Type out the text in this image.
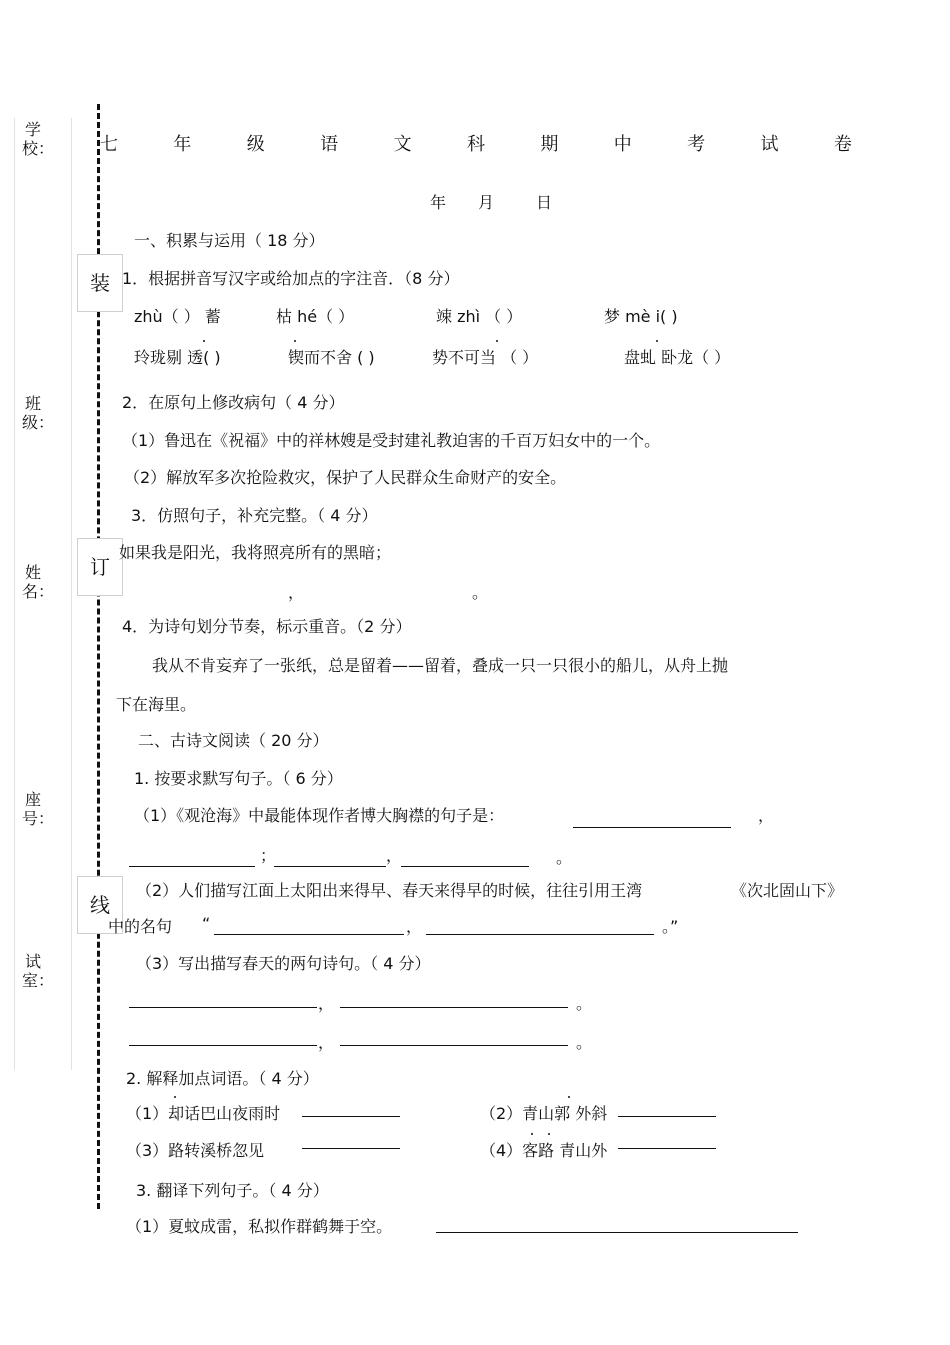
学校：
班级：
姓名：
座号：
试室：
装
订
线
七	年	级	语	文	科	期	中	考	试	卷
年 月	日
一、积累与运用（ 18 分）
1．根据拼音写汉字或给加点的字注音．（8 分）
zhù（ ） 蓄	枯 hé（ ）	竦 zhì （ ）	梦 mè i( )
玲珑剔 透( )	锲而不舍 ( )	势不可当 （ ）	盘虬 卧龙（ ）
2．在原句上修改病句（ 4 分）
（1）鲁迅在《祝福》中的祥林嫂是受封建礼教迫害的千百万妇女中的一个。
（2）解放军多次抢险救灾，保护了人民群众生命财产的安全。
3．仿照句子，补充完整。（ 4 分）
如果我是阳光，我将照亮所有的黑暗；
，	。
4．为诗句划分节奏，标示重音。（2 分）
我从不肯妄弃了一张纸，总是留着——留着，叠成一只一只很小的船儿，从舟上抛
下在海里。
二、古诗文阅读（ 20 分）
1. 按要求默写句子。（ 6 分）
（1）《观沧海》中最能体现作者博大胸襟的句子是：	，
；	，	。
（2）人们描写江面上太阳出来得早、春天来得早的时候，往往引用王湾	《次北固山下》
中的名句 “	，	。”
（3）写出描写春天的两句诗句。（ 4 分）
，	。
，	。
2. 解释加点词语。（ 4 分）
（1）却话巴山夜雨时	（2）青山郭 外斜
（3）路转溪桥忽见	（4）客路 青山外
3. 翻译下列句子。（ 4 分）
（1）夏蚊成雷，私拟作群鹤舞于空。
